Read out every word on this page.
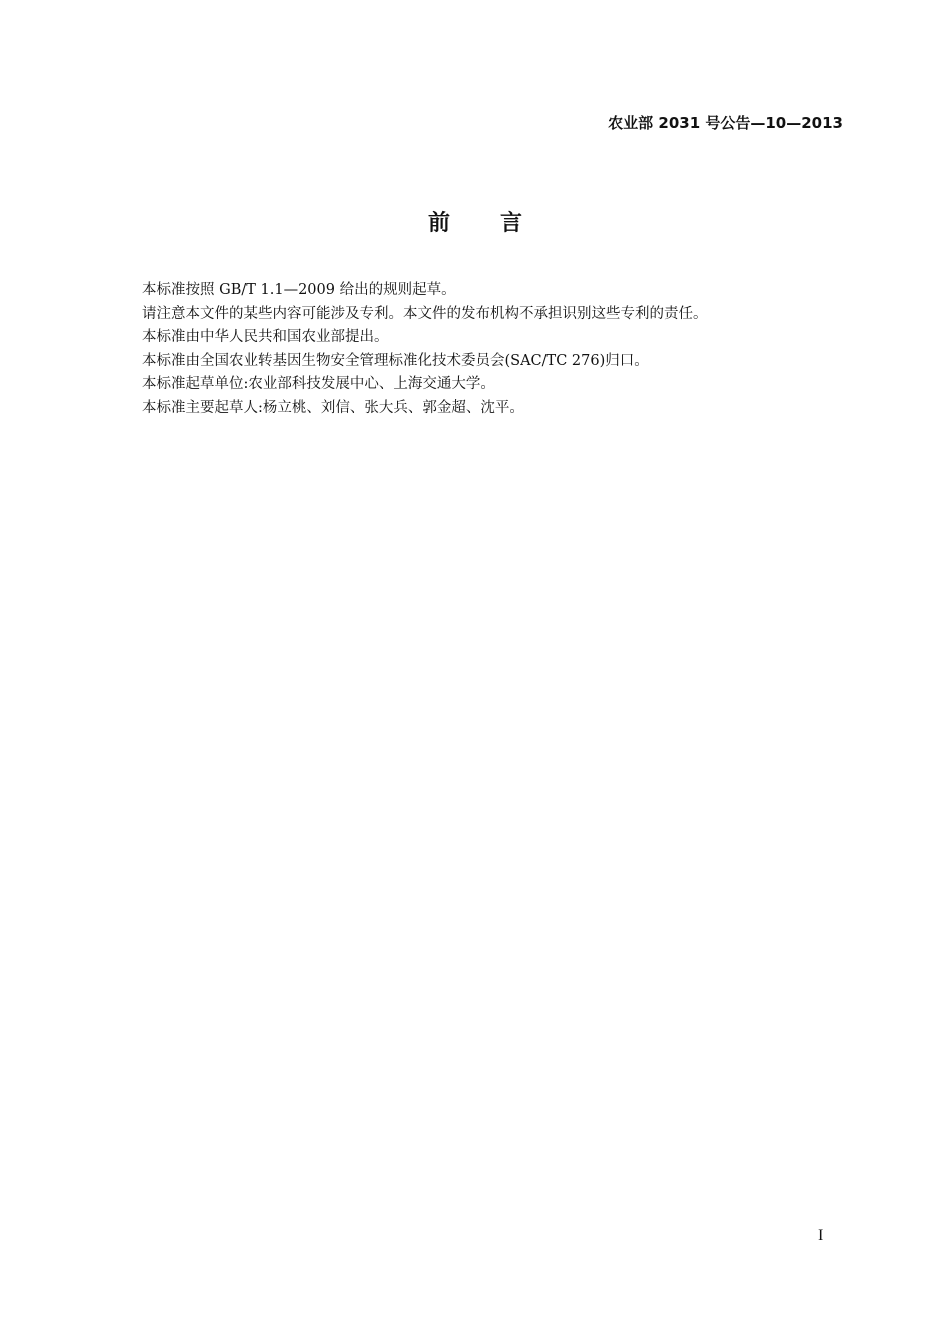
农业部 2031 号公告—10—2013
前言

本标准按照 GB/T 1.1—2009 给出的规则起草。

请注意本文件的某些内容可能涉及专利。本文件的发布机构不承担识别这些专利的责任。

本标准由中华人民共和国农业部提出。

本标准由全国农业转基因生物安全管理标准化技术委员会(SAC/TC 276)归口。

本标准起草单位:农业部科技发展中心、上海交通大学。

本标准主要起草人:杨立桃、刘信、张大兵、郭金超、沈平。

I
